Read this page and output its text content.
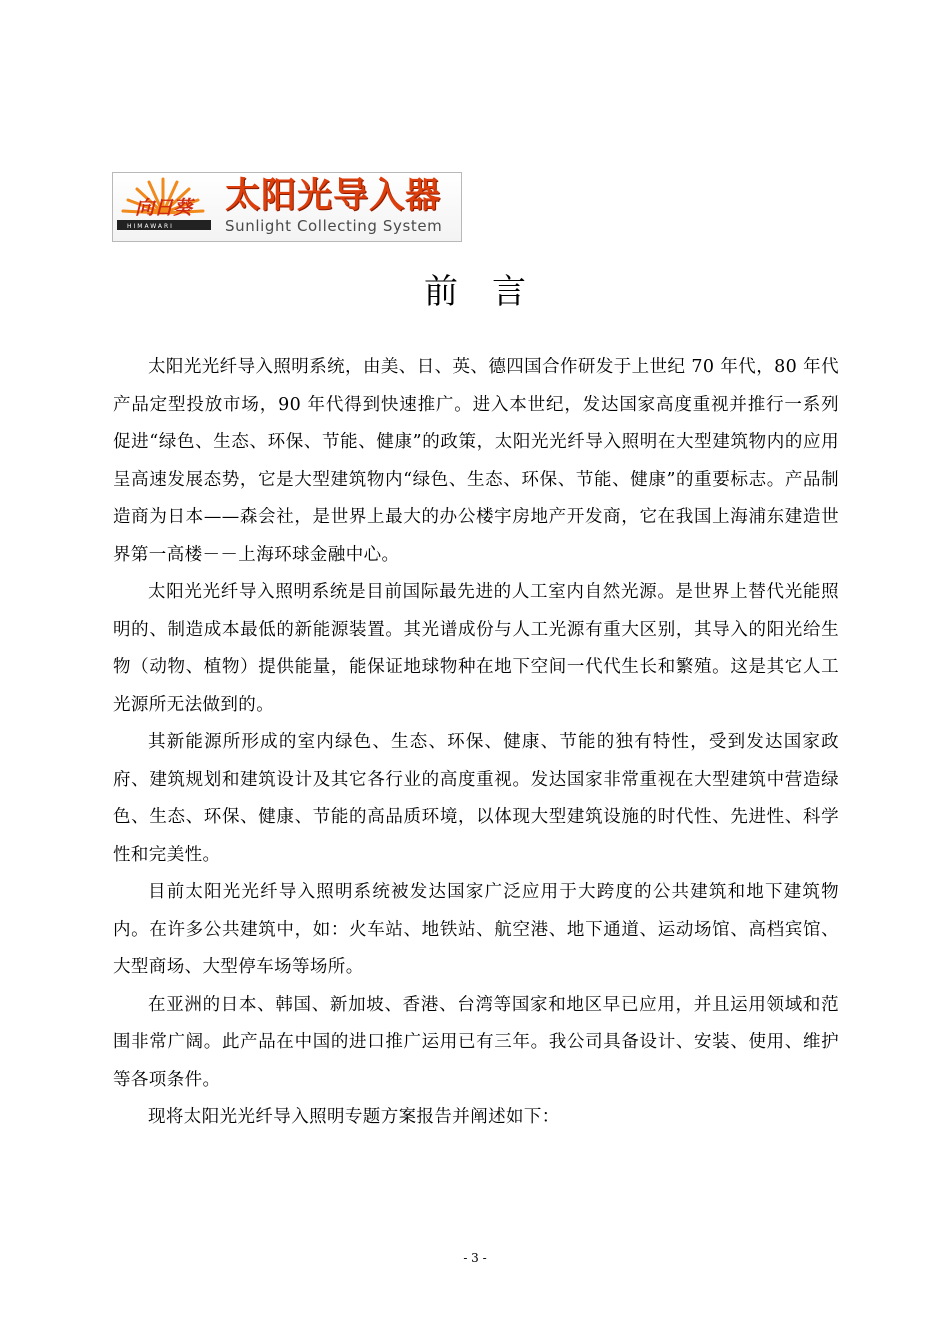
向日葵
HIMAWARI
太阳光导入器
Sunlight Collecting System
前　言

太阳光光纤导入照明系统，由美、日、英、德四国合作研发于上世纪 70 年代，80 年代产品定型投放市场，90 年代得到快速推广。进入本世纪，发达国家高度重视并推行一系列促进“绿色、生态、环保、节能、健康”的政策，太阳光光纤导入照明在大型建筑物内的应用呈高速发展态势，它是大型建筑物内“绿色、生态、环保、节能、健康”的重要标志。产品制造商为日本——森会社，是世界上最大的办公楼宇房地产开发商，它在我国上海浦东建造世界第一高楼－－上海环球金融中心。

太阳光光纤导入照明系统是目前国际最先进的人工室内自然光源。是世界上替代光能照明的、制造成本最低的新能源装置。其光谱成份与人工光源有重大区别，其导入的阳光给生物（动物、植物）提供能量，能保证地球物种在地下空间一代代生长和繁殖。这是其它人工光源所无法做到的。

其新能源所形成的室内绿色、生态、环保、健康、节能的独有特性，受到发达国家政府、建筑规划和建筑设计及其它各行业的高度重视。发达国家非常重视在大型建筑中营造绿色、生态、环保、健康、节能的高品质环境，以体现大型建筑设施的时代性、先进性、科学性和完美性。

目前太阳光光纤导入照明系统被发达国家广泛应用于大跨度的公共建筑和地下建筑物内。在许多公共建筑中，如：火车站、地铁站、航空港、地下通道、运动场馆、高档宾馆、大型商场、大型停车场等场所。

在亚洲的日本、韩国、新加坡、香港、台湾等国家和地区早已应用，并且运用领域和范围非常广阔。此产品在中国的进口推广运用已有三年。我公司具备设计、安装、使用、维护等各项条件。

现将太阳光光纤导入照明专题方案报告并阐述如下：

- 3 -
